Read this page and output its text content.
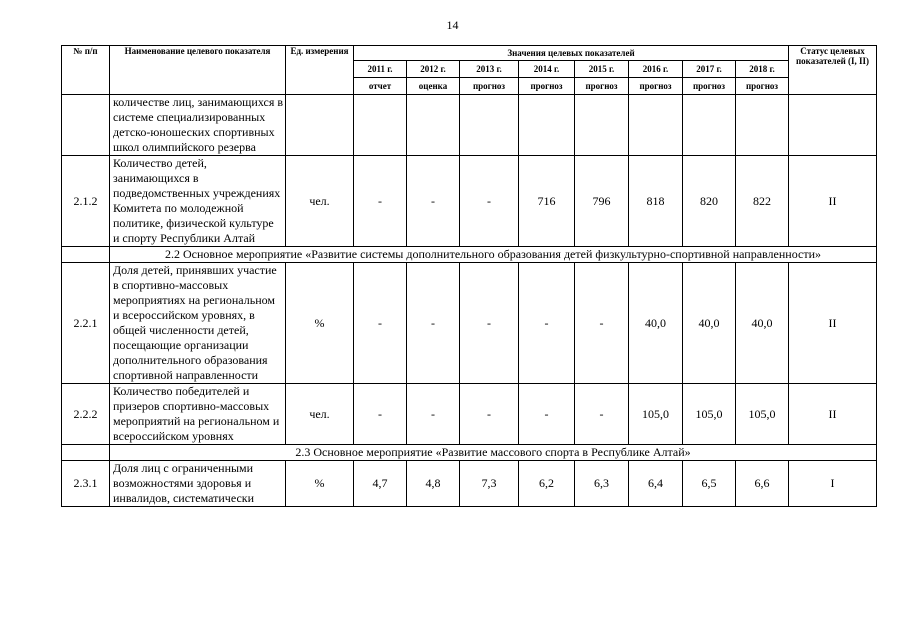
14
№ п/п	Наименование целевого показателя	Ед. измерения	Значения целевых показателей								Статус целевых показателей (I, II)
			2011 г.	2012 г.	2013 г.	2014 г.	2015 г.	2016 г.	2017 г.	2018 г.	
			отчет	оценка	прогноз	прогноз	прогноз	прогноз	прогноз	прогноз	
	количестве лиц, занимающихся в системе специализированных детско-юношеских спортивных школ олимпийского резерва										
2.1.2	Количество детей, занимающихся в подведомственных учреждениях Комитета по молодежной политике, физической культуре и спорту Республики Алтай	чел.	-	-	-	716	796	818	820	822	II
	2.2 Основное мероприятие «Развитие системы дополнительного образования детей физкультурно-спортивной направленности»										
2.2.1	Доля детей, принявших участие в спортивно-массовых мероприятиях на региональном и всероссийском уровнях, в общей численности детей, посещающие организации дополнительного образования спортивной направленности	%	-	-	-	-	-	40,0	40,0	40,0	II
2.2.2	Количество победителей и призеров спортивно-массовых мероприятий на региональном и всероссийском уровнях	чел.	-	-	-	-	-	105,0	105,0	105,0	II
	2.3 Основное мероприятие «Развитие массового спорта в Республике Алтай»										
2.3.1	Доля лиц с ограниченными возможностями здоровья и инвалидов, систематически	%	4,7	4,8	7,3	6,2	6,3	6,4	6,5	6,6	I
